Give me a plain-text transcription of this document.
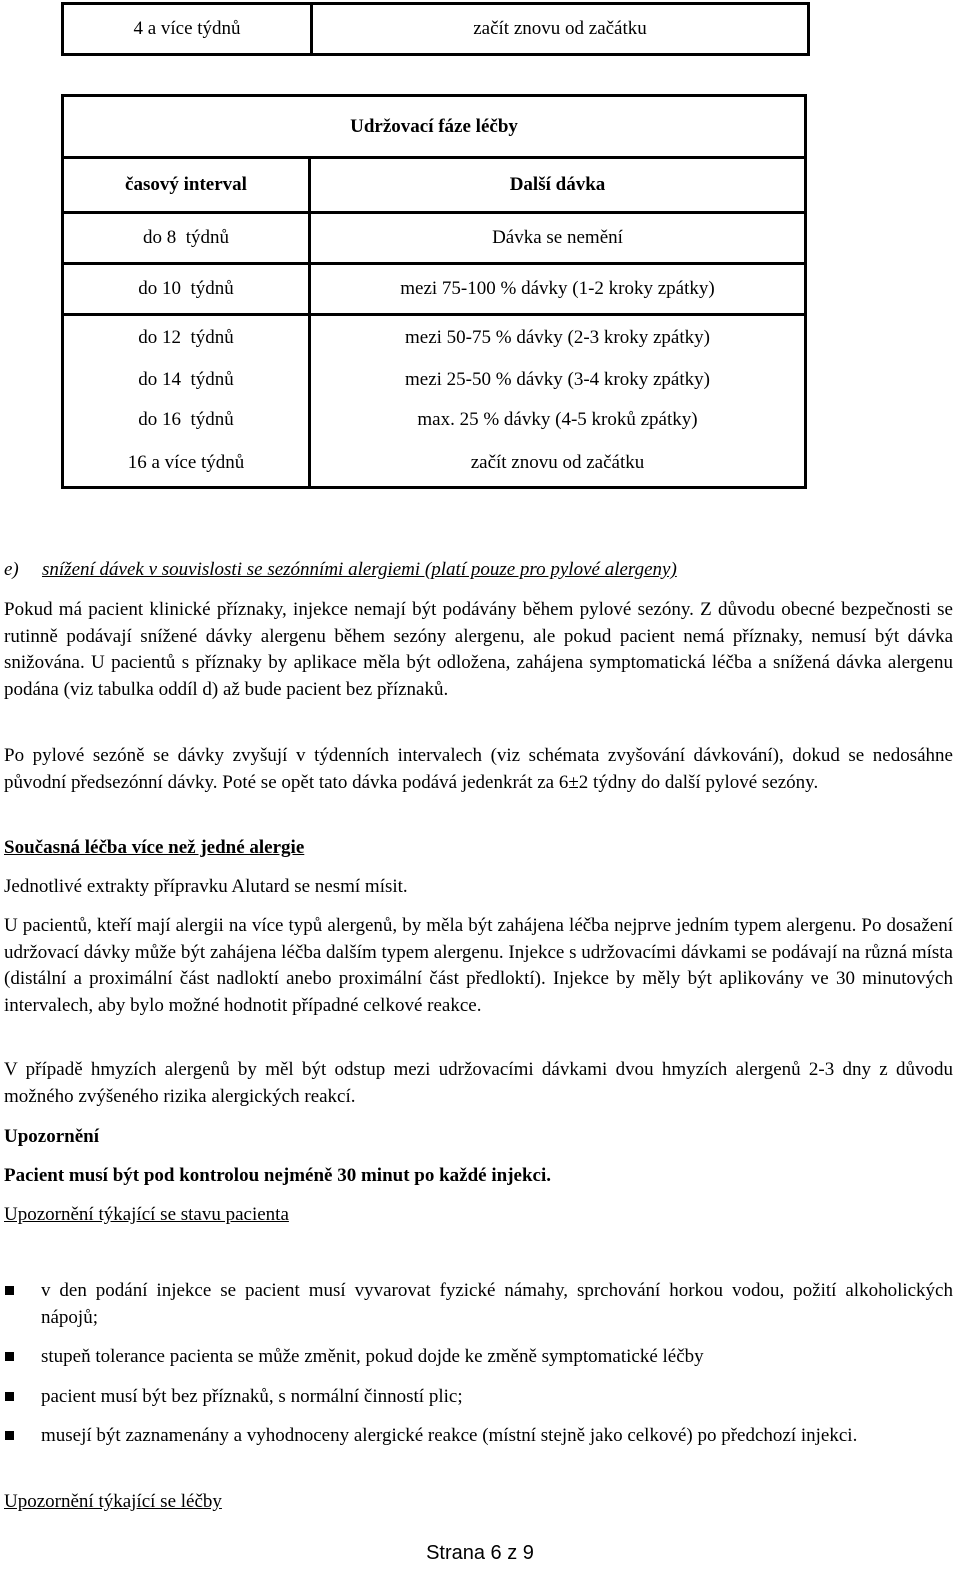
4 a více týdnů	začít znovu od začátku
Udržovací fáze léčby	
časový interval	Další dávka
do 8  týdnů	Dávka se nemění
do 10  týdnů	mezi 75-100 % dávky (1-2 kroky zpátky)
do 12  týdnů	mezi 50-75 % dávky (2-3 kroky zpátky)
do 14  týdnů	mezi 25-50 % dávky (3-4 kroky zpátky)
do 16  týdnů	max. 25 % dávky (4-5 kroků zpátky)
16 a více týdnů	začít znovu od začátku
e) snížení dávek v souvislosti se sezónními alergiemi (platí pouze pro pylové alergeny)

Pokud má pacient klinické příznaky, injekce nemají být podávány během pylové sezóny. Z důvodu obecné bezpečnosti se rutinně podávají snížené dávky alergenu během sezóny alergenu, ale pokud pacient nemá příznaky, nemusí být dávka snižována. U pacientů s příznaky by aplikace měla být odložena, zahájena symptomatická léčba a snížená dávka alergenu podána (viz tabulka oddíl d) až bude pacient bez příznaků.

Po pylové sezóně se dávky zvyšují v týdenních intervalech (viz schémata zvyšování dávkování), dokud se nedosáhne původní předsezónní dávky. Poté se opět tato dávka podává jedenkrát za 6±2 týdny do další pylové sezóny.

Současná léčba více než jedné alergie

Jednotlivé extrakty přípravku Alutard se nesmí mísit.

U pacientů, kteří mají alergii na více typů alergenů, by měla být zahájena léčba nejprve jedním typem alergenu. Po dosažení udržovací dávky může být zahájena léčba dalším typem alergenu. Injekce s udržovacími dávkami se podávají na různá místa (distální a proximální část nadloktí anebo proximální část předloktí). Injekce by měly být aplikovány ve 30 minutových intervalech, aby bylo možné hodnotit případné celkové reakce.

V případě hmyzích alergenů by měl být odstup mezi udržovacími dávkami dvou hmyzích alergenů 2-3 dny z důvodu možného zvýšeného rizika alergických reakcí.

Upozornění

Pacient musí být pod kontrolou nejméně 30 minut po každé injekci.

Upozornění týkající se stavu pacienta
v den podání injekce se pacient musí vyvarovat fyzické námahy, sprchování horkou vodou, požití alkoholických nápojů;
stupeň tolerance pacienta se může změnit, pokud dojde ke změně symptomatické léčby
pacient musí být bez příznaků, s normální činností plic;
musejí být zaznamenány a vyhodnoceny alergické reakce (místní stejně jako celkové) po předchozí injekci.
Upozornění týkající se léčby
Strana 6 z 9
